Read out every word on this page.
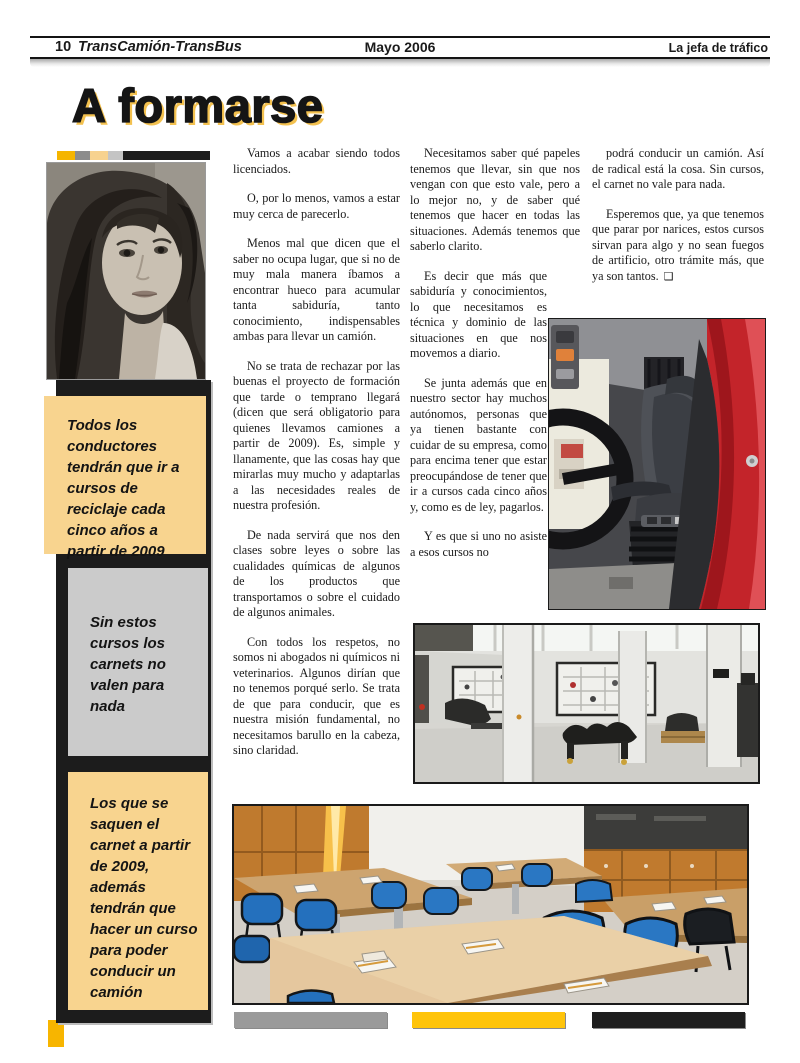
10 TransCamión-TransBus	Mayo 2006	La jefa de tráfico
A formarse
Todos los conductores tendrán que ir a cursos de reciclaje cada cinco años a partir de 2009
Sin estos cursos los carnets no valen para nada
Los que se saquen el carnet a partir de 2009, además tendrán que hacer un curso para poder conducir un camión

Vamos a acabar siendo todos licenciados.

O, por lo menos, vamos a estar muy cerca de parecerlo.

Menos mal que dicen que el saber no ocupa lugar, que si no de muy mala manera íbamos a encontrar hueco para acumular tanta sabiduría, tanto conocimiento, indispensables ambas para llevar un camión.

No se trata de rechazar por las buenas el proyecto de formación que tarde o temprano llegará (dicen que será obligatorio para quienes llevamos camiones a partir de 2009). Es, simple y llanamente, que las cosas hay que mirarlas muy mucho y adaptarlas a las necesidades reales de nuestra profesión.

De nada servirá que nos den clases sobre leyes o sobre las cualidades químicas de algunos de los productos que transportamos o sobre el cuidado de algunos animales.

Con todos los respetos, no somos ni abogados ni químicos ni veterinarios. Algunos dirían que no tenemos porqué serlo. Se trata de que para conducir, que es nuestra misión fundamental, no necesitamos barullo en la cabeza, sino claridad.

Necesitamos saber qué papeles tenemos que llevar, sin que nos vengan con que esto vale, pero a lo mejor no, y de saber qué tenemos que hacer en todas las situaciones. Además tenemos que saberlo clarito.

Es decir que más que sabiduría y conocimientos, lo que necesitamos es técnica y dominio de las situaciones en que nos movemos a diario.

Se junta además que en nuestro sector hay muchos autónomos, personas que ya tienen bastante con cuidar de su empresa, como para encima tener que estar preocupándose de tener que ir a cursos cada cinco años y, como es de ley, pagarlos.

Y es que si uno no asiste a esos cursos no

podrá conducir un camión. Así de radical está la cosa. Sin cursos, el carnet no vale para nada.

Esperemos que, ya que tenemos que parar por narices, estos cursos sirvan para algo y no sean fuegos de artificio, otro trámite más, que ya son tantos. ❑
